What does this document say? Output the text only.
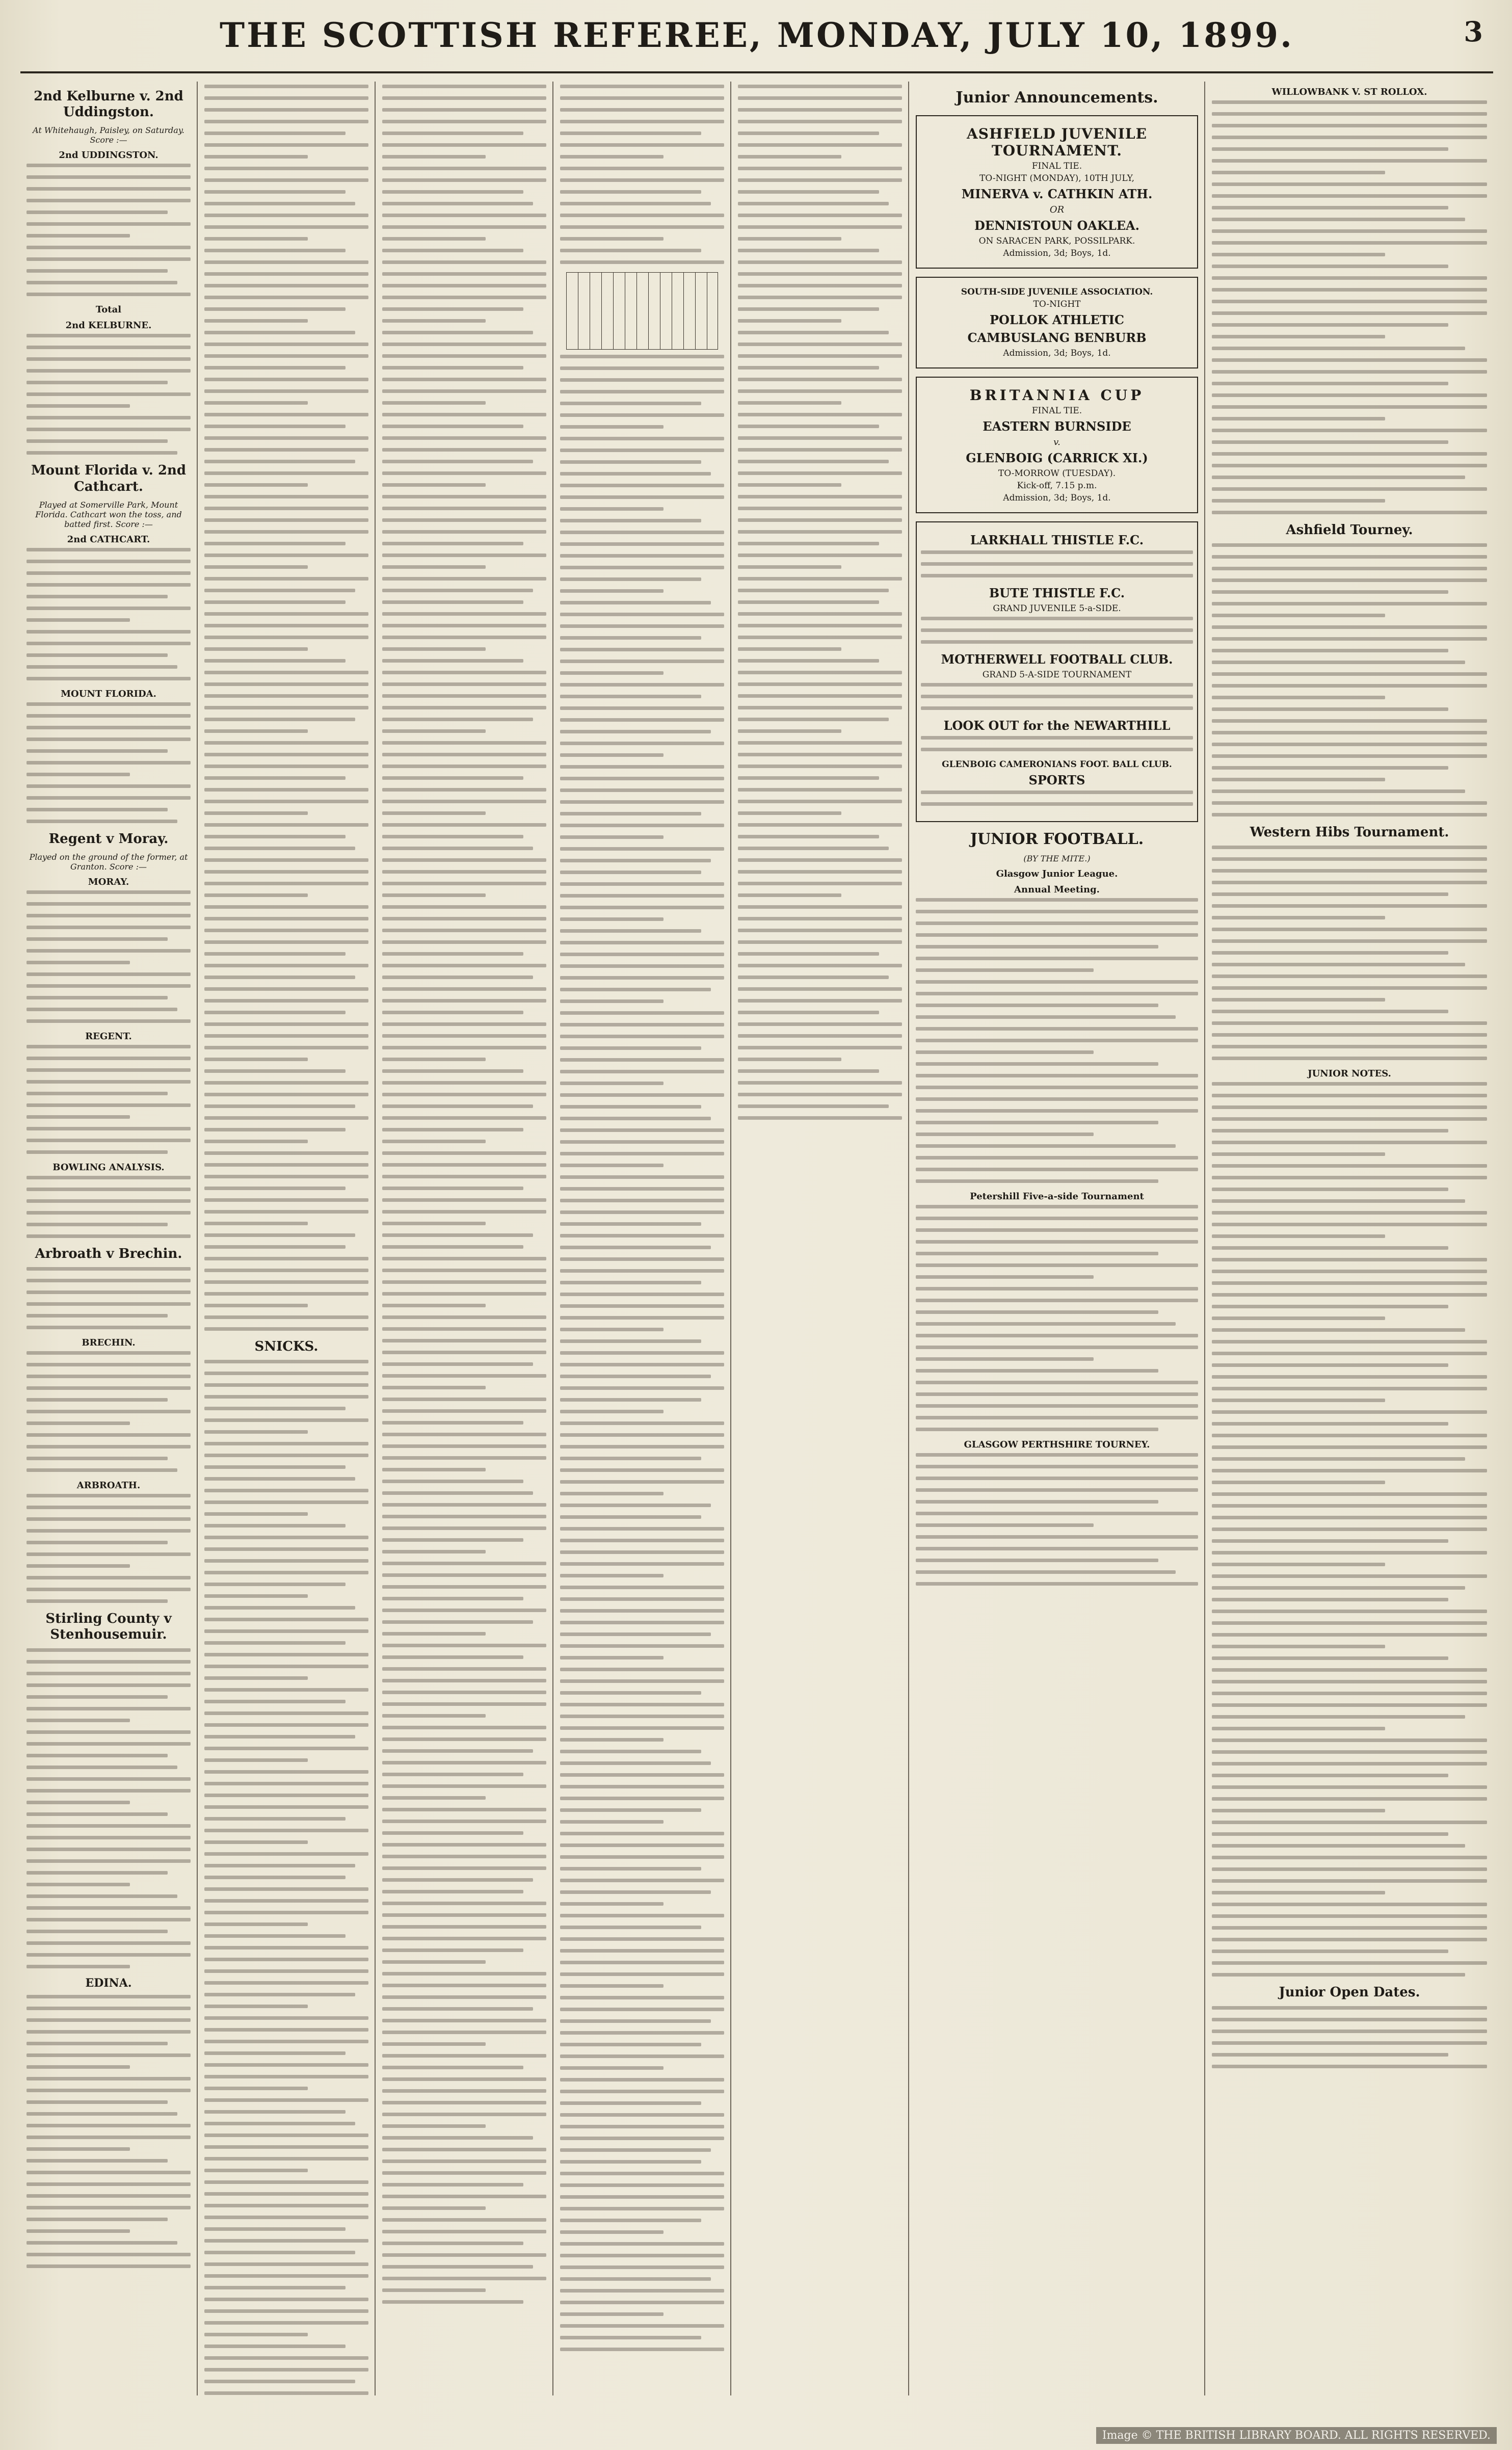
THE SCOTTISH REFEREE, MONDAY, JULY 10, 1899.	3
2nd Kelburne v. 2nd Uddingston.
At Whitehaugh, Paisley, on Saturday. Score :—
2nd UDDINGSTON.
Total
2nd KELBURNE.
Mount Florida v. 2nd Cathcart.
Played at Somerville Park, Mount Florida. Cathcart won the toss, and batted first. Score :—
2nd CATHCART.
MOUNT FLORIDA.
Regent v Moray.
Played on the ground of the former, at Granton. Score :—
MORAY.
REGENT.
BOWLING ANALYSIS.
Arbroath v Brechin.
BRECHIN.
ARBROATH.
Stirling County v Stenhousemuir.
EDINA.
SNICKS.
Junior Announcements.
ASHFIELD JUVENILE TOURNAMENT.
FINAL TIE.
TO-NIGHT (MONDAY), 10TH JULY,
MINERVA v. CATHKIN ATH.
OR
DENNISTOUN OAKLEA.
ON SARACEN PARK, POSSILPARK.
Admission, 3d; Boys, 1d.
SOUTH-SIDE JUVENILE ASSOCIATION.
TO-NIGHT
POLLOK ATHLETIC
CAMBUSLANG BENBURB
Admission, 3d; Boys, 1d.
BRITANNIA CUP
FINAL TIE.
EASTERN BURNSIDE
v.
GLENBOIG (CARRICK XI.)
TO-MORROW (TUESDAY).
Kick-off, 7.15 p.m.
Admission, 3d; Boys, 1d.
LARKHALL THISTLE F.C.
BUTE THISTLE F.C.
GRAND JUVENILE 5-a-SIDE.
MOTHERWELL FOOTBALL CLUB.
GRAND 5-A-SIDE TOURNAMENT
LOOK OUT for the NEWARTHILL
GLENBOIG CAMERONIANS FOOT. BALL CLUB.
SPORTS
JUNIOR FOOTBALL.
(BY THE MITE.)
Glasgow Junior League.
Annual Meeting.
Petershill Five-a-side Tournament
GLASGOW PERTHSHIRE TOURNEY.
WILLOWBANK V. ST ROLLOX.
Ashfield Tourney.
Western Hibs Tournament.
JUNIOR NOTES.
Junior Open Dates.
Image © THE BRITISH LIBRARY BOARD. ALL RIGHTS RESERVED.
